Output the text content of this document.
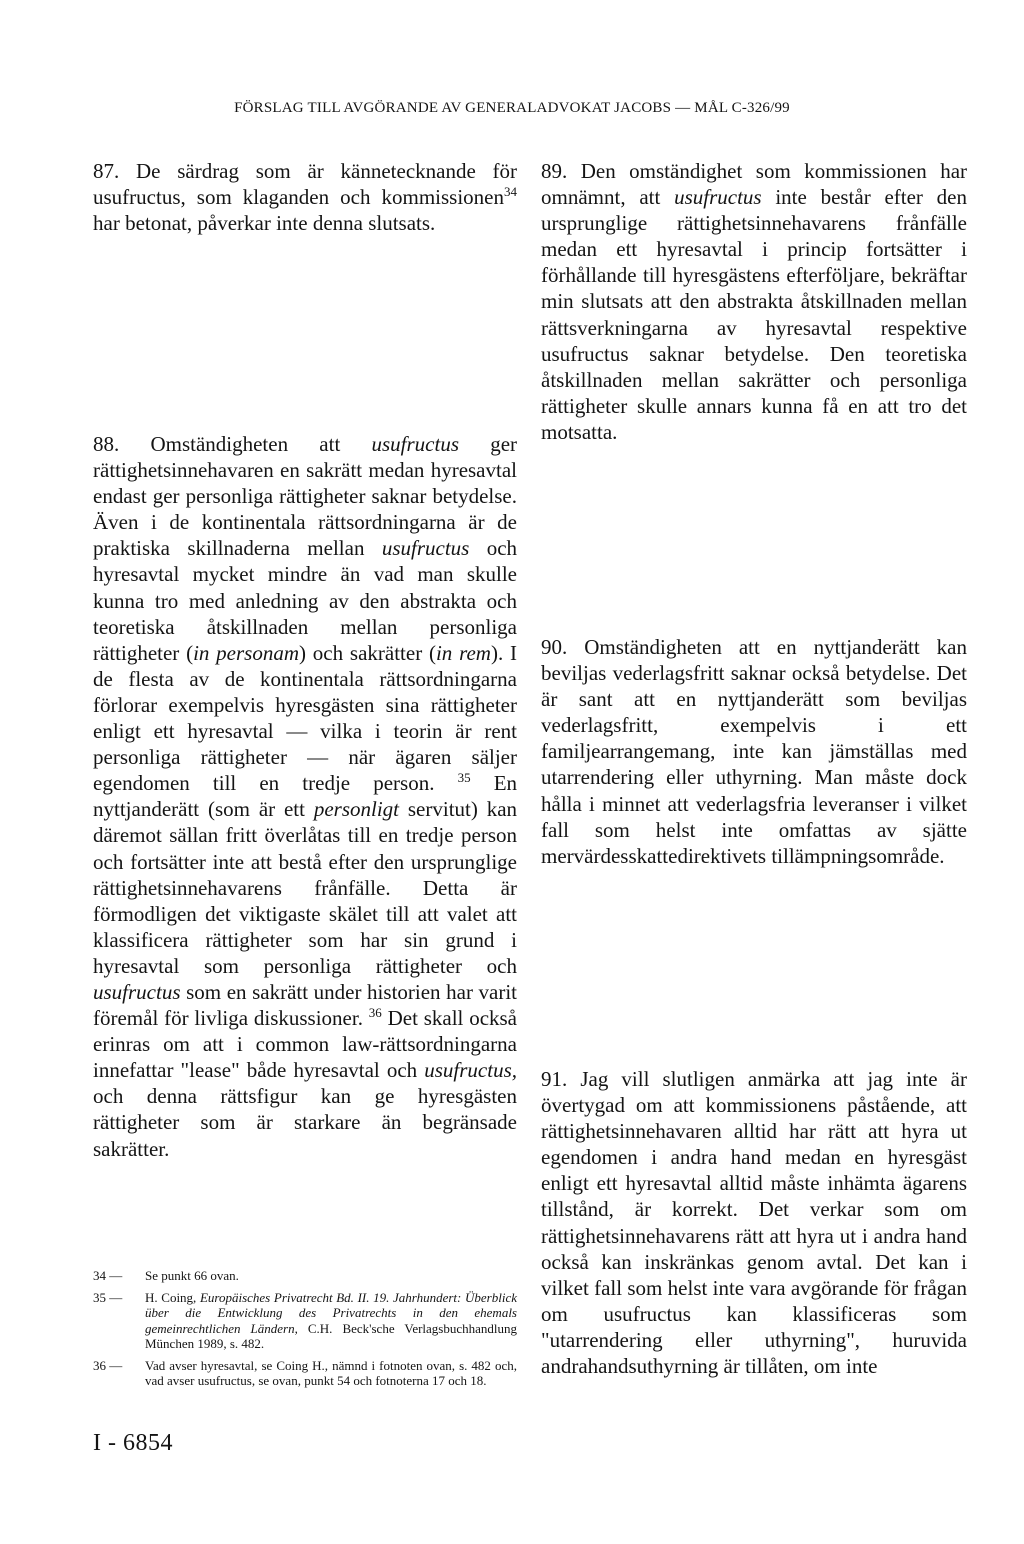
FÖRSLAG TILL AVGÖRANDE AV GENERALADVOKAT JACOBS — MÅL C-326/99

87. De särdrag som är kännetecknande för usufructus, som klaganden och kommissionen$^{34}$ har betonat, påverkar inte denna slutsats.

88. Omständigheten att usufructus ger rättighetsinnehavaren en sakrätt medan hyresavtal endast ger personliga rättigheter saknar betydelse. Även i de kontinentala rättsordningarna är de praktiska skillnaderna mellan usufructus och hyresavtal mycket mindre än vad man skulle kunna tro med anledning av den abstrakta och teoretiska åtskillnaden mellan personliga rättigheter (in personam) och sakrätter (in rem). I de flesta av de kontinentala rättsordningarna förlorar exempelvis hyresgästen sina rättigheter enligt ett hyresavtal — vilka i teorin är rent personliga rättigheter — när ägaren säljer egendomen till en tredje person. $^{35}$ En nyttjanderätt (som är ett personligt servitut) kan däremot sällan fritt överlåtas till en tredje person och fortsätter inte att bestå efter den ursprunglige rättighetsinnehavarens frånfälle. Detta är förmodligen det viktigaste skälet till att valet att klassificera rättigheter som har sin grund i hyresavtal som personliga rättigheter och usufructus som en sakrätt under historien har varit föremål för livliga diskussioner. $^{36}$ Det skall också erinras om att i common law-rättsordningarna innefattar "lease" både hyresavtal och usufructus, och denna rättsfigur kan ge hyresgästen rättigheter som är starkare än begränsade sakrätter.

89. Den omständighet som kommissionen har omnämnt, att usufructus inte består efter den ursprunglige rättighetsinnehavarens frånfälle medan ett hyresavtal i princip fortsätter i förhållande till hyresgästens efterföljare, bekräftar min slutsats att den abstrakta åtskillnaden mellan rättsverkningarna av hyresavtal respektive usufructus saknar betydelse. Den teoretiska åtskillnaden mellan sakrätter och personliga rättigheter skulle annars kunna få en att tro det motsatta.

90. Omständigheten att en nyttjanderätt kan beviljas vederlagsfritt saknar också betydelse. Det är sant att en nyttjanderätt som beviljas vederlagsfritt, exempelvis i ett familjearrangemang, inte kan jämställas med utarrendering eller uthyrning. Man måste dock hålla i minnet att vederlagsfria leveranser i vilket fall som helst inte omfattas av sjätte mervärdesskattedirektivets tillämpningsområde.

91. Jag vill slutligen anmärka att jag inte är övertygad om att kommissionens påstående, att rättighetsinnehavaren alltid har rätt att hyra ut egendomen i andra hand medan en hyresgäst enligt ett hyresavtal alltid måste inhämta ägarens tillstånd, är korrekt. Det verkar som om rättighetsinnehavarens rätt att hyra ut i andra hand också kan inskränkas genom avtal. Det kan i vilket fall som helst inte vara avgörande för frågan om usufructus kan klassificeras som "utarrendering eller uthyrning", huruvida andrahandsuthyrning är tillåten, om inte

34 —	Se punkt 66 ovan.
35 —	H. Coing, Europäisches Privatrecht Bd. II. 19. Jahrhundert: Überblick über die Entwicklung des Privatrechts in den ehemals gemeinrechtlichen Ländern, C.H. Beck'sche Verlagsbuchhandlung München 1989, s. 482.
36 —	Vad avser hyresavtal, se Coing H., nämnd i fotnoten ovan, s. 482 och, vad avser usufructus, se ovan, punkt 54 och fotnoterna 17 och 18.
I - 6854
